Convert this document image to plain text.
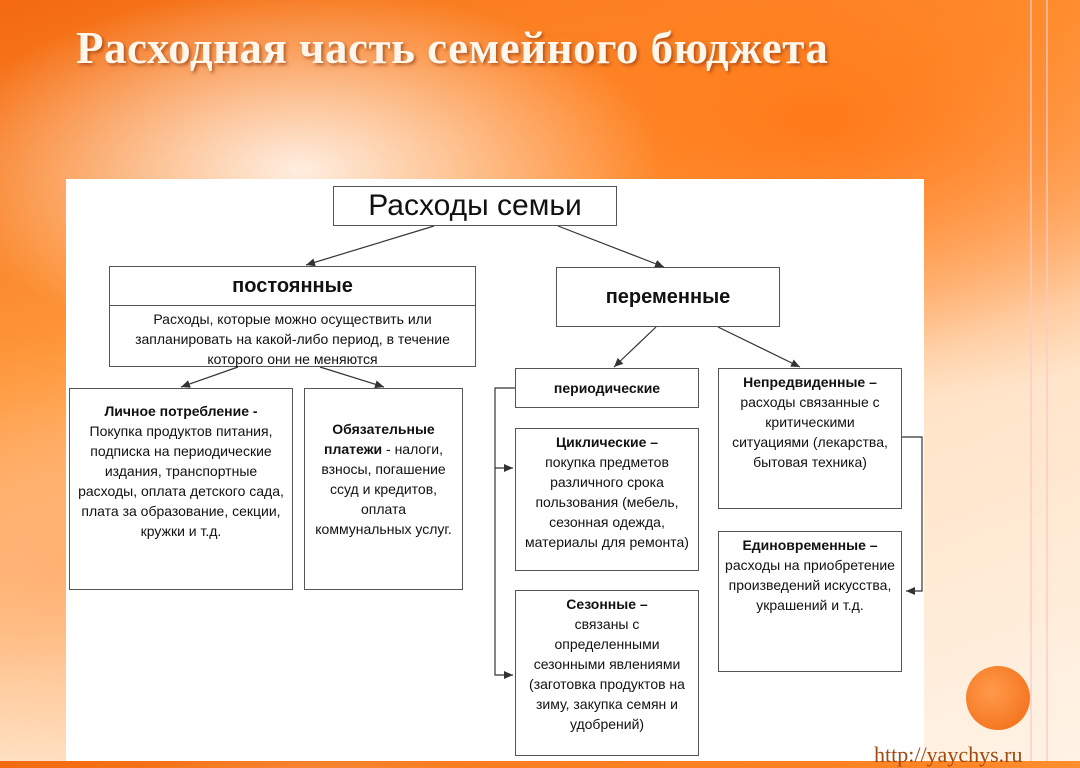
Расходная часть семейного бюджета
Расходы семьи
постоянные
Расходы, которые можно осуществить или запланировать на какой-либо период, в течение которого они не меняются
переменные
Личное потребление -
Покупка продуктов питания, подписка на периодические издания, транспортные расходы, оплата детского сада, плата за образование, секции, кружки и т.д.
Обязательные платежи - налоги, взносы, погашение ссуд и кредитов, оплата коммунальных услуг.
периодические
Циклические –
покупка предметов различного срока пользования (мебель, сезонная одежда, материалы для ремонта)
Сезонные –
связаны с определенными сезонными явлениями (заготовка продуктов на зиму, закупка семян и удобрений)
Непредвиденные –
расходы связанные с критическими ситуациями (лекарства, бытовая техника)
Единовременные –
расходы на приобретение произведений искусства, украшений и т.д.
http://yaychys.ru
